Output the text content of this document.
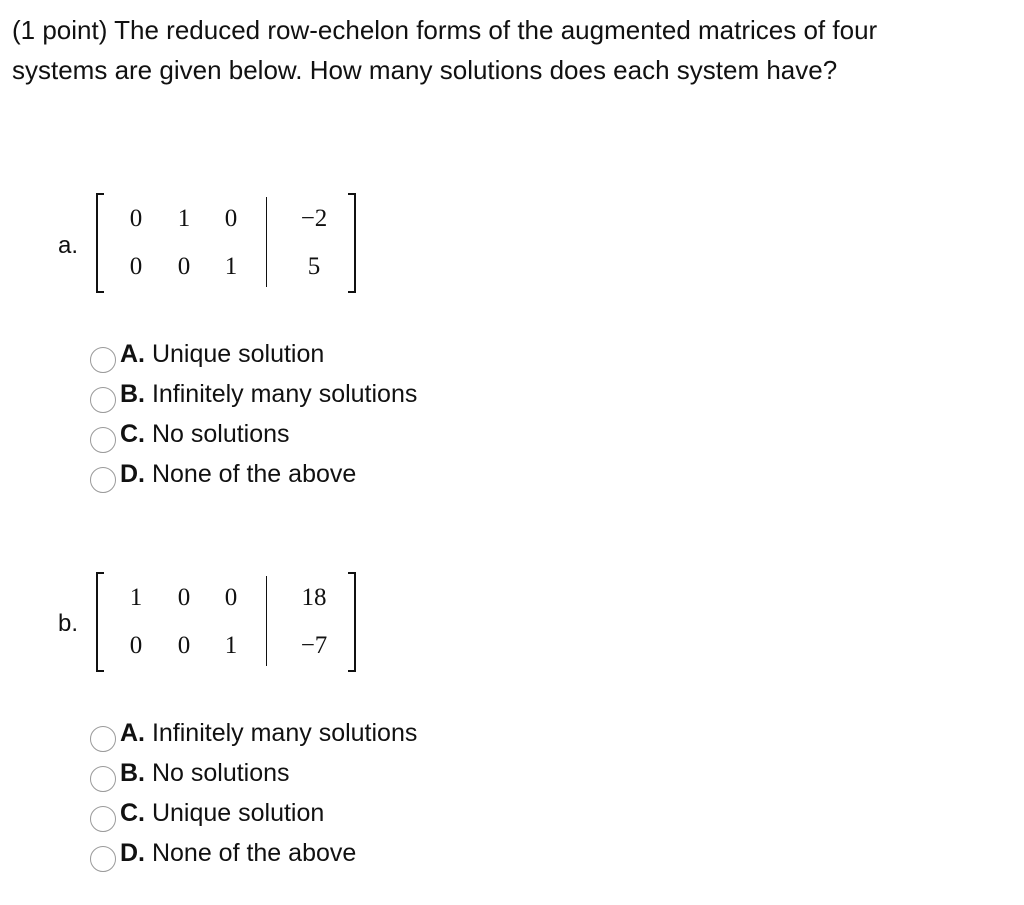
(1 point) The reduced row-echelon forms of the augmented matrices of four
systems are given below. How many solutions does each system have?
a.
0	1	0	−2
0	0	1	5
A. Unique solution
B. Infinitely many solutions
C. No solutions
D. None of the above
b.
1	0	0	18
0	0	1	−7
A. Infinitely many solutions
B. No solutions
C. Unique solution
D. None of the above
